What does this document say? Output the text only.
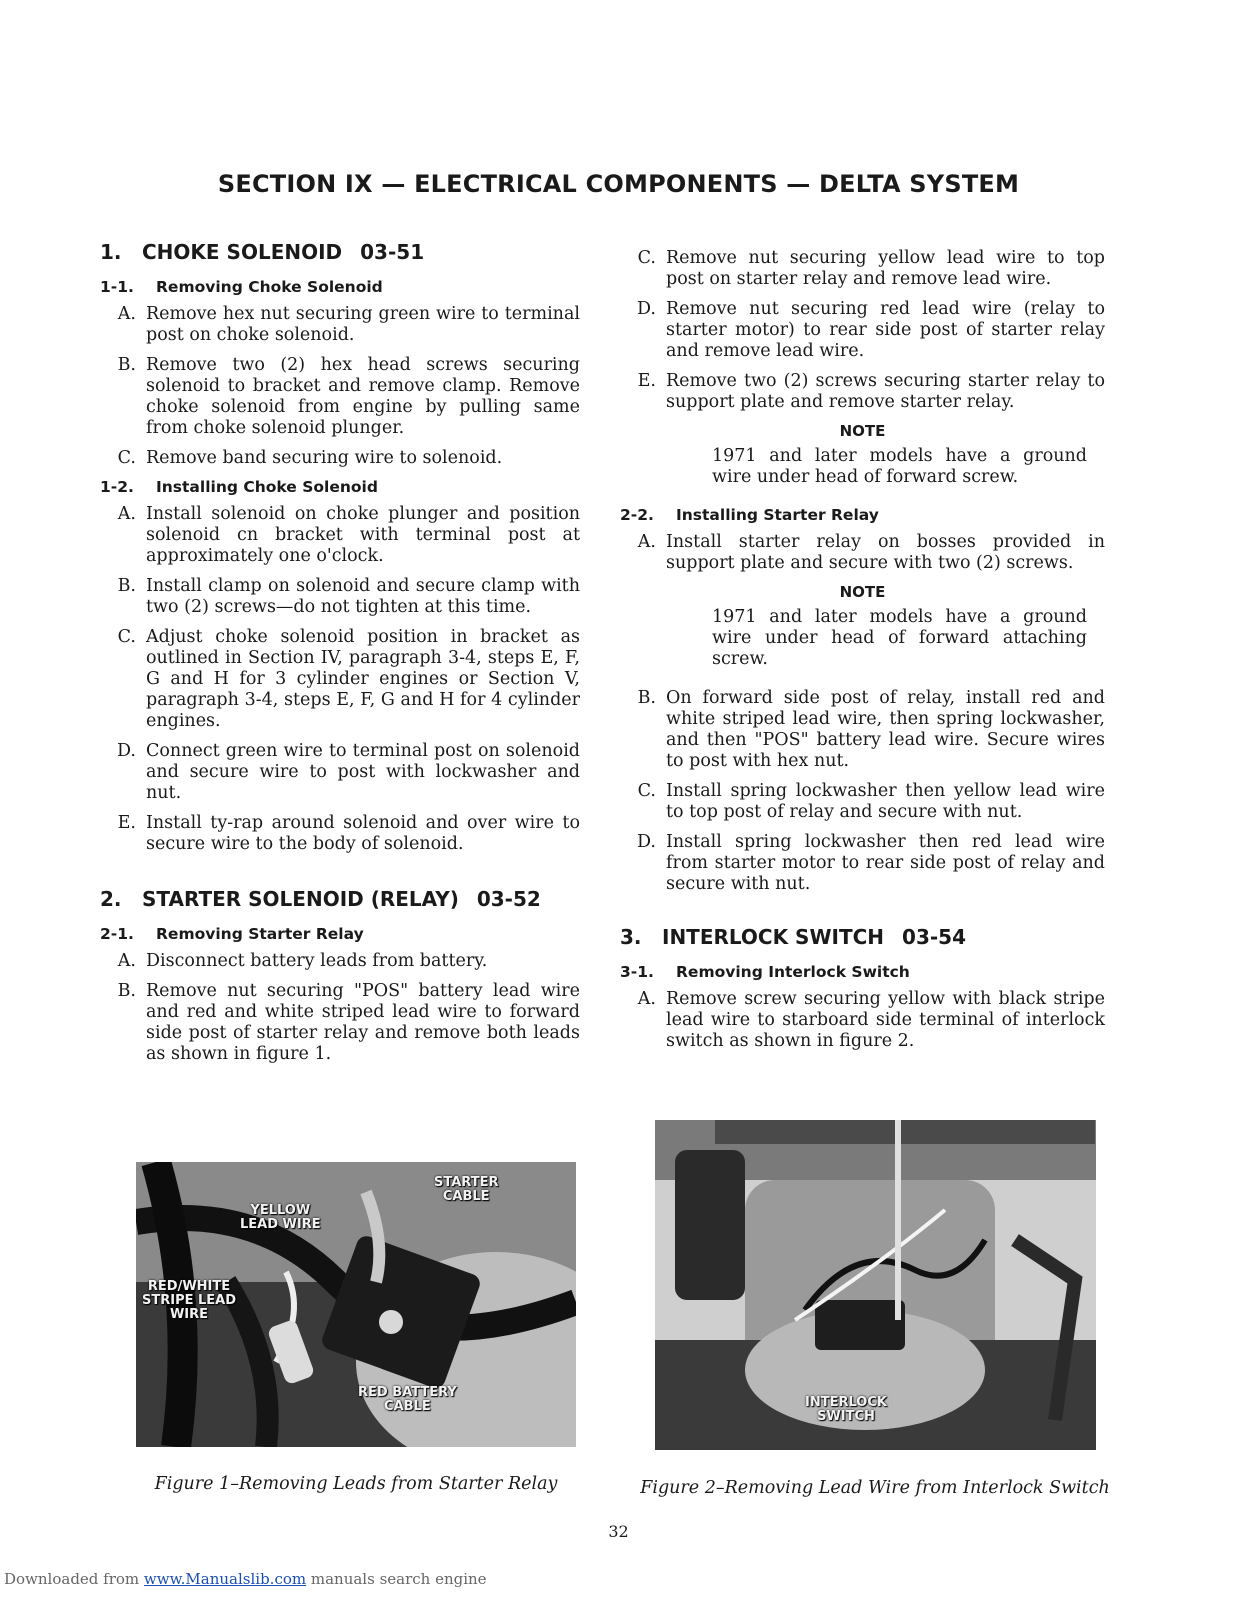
SECTION IX — ELECTRICAL COMPONENTS — DELTA SYSTEM
1. CHOKE SOLENOID 03-51
1-1. Removing Choke Solenoid
A. Remove hex nut securing green wire to terminal post on choke solenoid.
B. Remove two (2) hex head screws securing solenoid to bracket and remove clamp. Remove choke solenoid from engine by pulling same from choke solenoid plunger.
C. Remove band securing wire to solenoid.
1-2. Installing Choke Solenoid
A. Install solenoid on choke plunger and position solenoid cn bracket with terminal post at approximately one o'clock.
B. Install clamp on solenoid and secure clamp with two (2) screws—do not tighten at this time.
C. Adjust choke solenoid position in bracket as outlined in Section IV, paragraph 3-4, steps E, F, G and H for 3 cylinder engines or Section V, paragraph 3-4, steps E, F, G and H for 4 cylinder engines.
D. Connect green wire to terminal post on solenoid and secure wire to post with lockwasher and nut.
E. Install ty-rap around solenoid and over wire to secure wire to the body of solenoid.
2. STARTER SOLENOID (RELAY) 03-52
2-1. Removing Starter Relay
A. Disconnect battery leads from battery.
B. Remove nut securing "POS" battery lead wire and red and white striped lead wire to forward side post of starter relay and remove both leads as shown in figure 1.
C. Remove nut securing yellow lead wire to top post on starter relay and remove lead wire.
D. Remove nut securing red lead wire (relay to starter motor) to rear side post of starter relay and remove lead wire.
E. Remove two (2) screws securing starter relay to support plate and remove starter relay.
NOTE
1971 and later models have a ground wire under head of forward screw.
2-2. Installing Starter Relay
A. Install starter relay on bosses provided in support plate and secure with two (2) screws.
NOTE
1971 and later models have a ground wire under head of forward attaching screw.
B. On forward side post of relay, install red and white striped lead wire, then spring lockwasher, and then "POS" battery lead wire. Secure wires to post with hex nut.
C. Install spring lockwasher then yellow lead wire to top post of relay and secure with nut.
D. Install spring lockwasher then red lead wire from starter motor to rear side post of relay and secure with nut.
3. INTERLOCK SWITCH 03-54
3-1. Removing Interlock Switch
A. Remove screw securing yellow with black stripe lead wire to starboard side terminal of interlock switch as shown in figure 2.
STARTER
CABLE
YELLOW
LEAD WIRE
RED/WHITE
STRIPE LEAD
WIRE
RED BATTERY
CABLE
Figure 1–Removing Leads from Starter Relay
INTERLOCK
SWITCH
Figure 2–Removing Lead Wire from Interlock Switch
32
Downloaded from www.Manualslib.com manuals search engine
